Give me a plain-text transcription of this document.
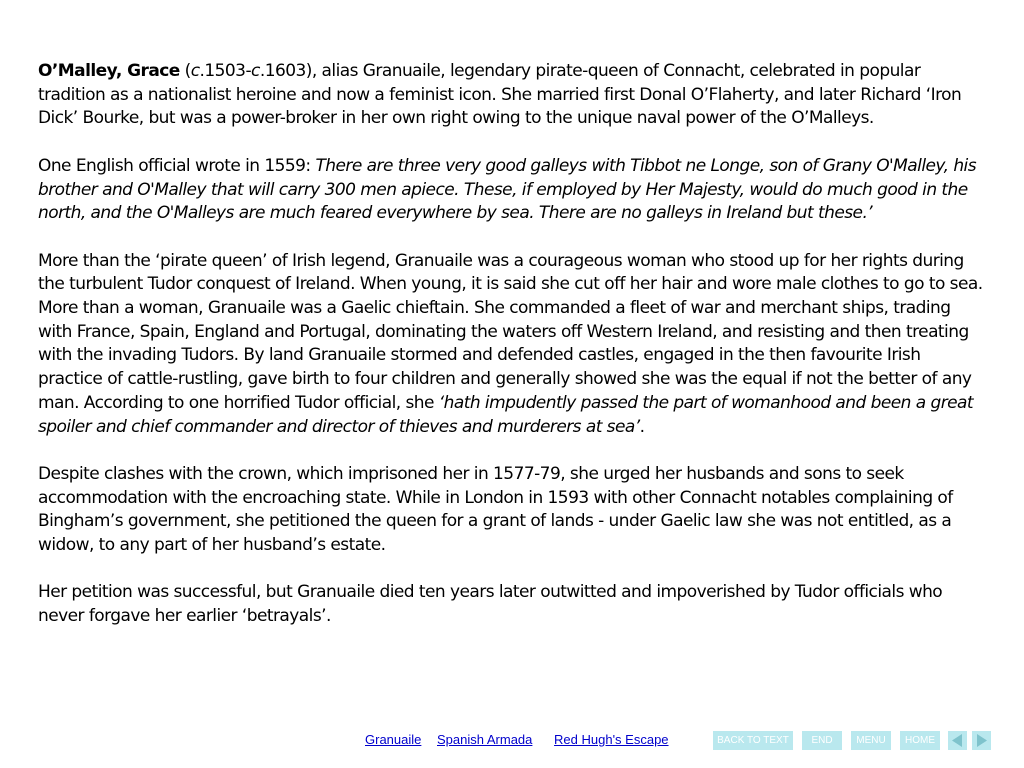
O’Malley, Grace (c.1503-c.1603), alias Granuaile, legendary pirate-queen of Connacht, celebrated in popular tradition as a nationalist heroine and now a feminist icon. She married first Donal O’Flaherty, and later Richard ‘Iron Dick’ Bourke, but was a power-broker in her own right owing to the unique naval power of the O’Malleys.

One English official wrote in 1559: There are three very good galleys with Tibbot ne Longe, son of Grany O'Malley, his brother and O'Malley that will carry 300 men apiece. These, if employed by Her Majesty, would do much good in the north, and the O'Malleys are much feared everywhere by sea. There are no galleys in Ireland but these.’

More than the ‘pirate queen’ of Irish legend, Granuaile was a courageous woman who stood up for her rights during the turbulent Tudor conquest of Ireland. When young, it is said she cut off her hair and wore male clothes to go to sea. More than a woman, Granuaile was a Gaelic chieftain. She commanded a fleet of war and merchant ships, trading with France, Spain, England and Portugal, dominating the waters off Western Ireland, and resisting and then treating with the invading Tudors. By land Granuaile stormed and defended castles, engaged in the then favourite Irish practice of cattle-rustling, gave birth to four children and generally showed she was the equal if not the better of any man. According to one horrified Tudor official, she ‘hath impudently passed the part of womanhood and been a great spoiler and chief commander and director of thieves and murderers at sea’.

Despite clashes with the crown, which imprisoned her in 1577-79, she urged her husbands and sons to seek accommodation with the encroaching state. While in London in 1593 with other Connacht notables complaining of Bingham’s government, she petitioned the queen for a grant of lands - under Gaelic law she was not entitled, as a widow, to any part of her husband’s estate.

Her petition was successful, but Granuaile died ten years later outwitted and impoverished by Tudor officials who never forgave her earlier ‘betrayals’.

Granuaile Spanish Armada Red Hugh's Escape	BACK TO TEXT	END	MENU	HOME
